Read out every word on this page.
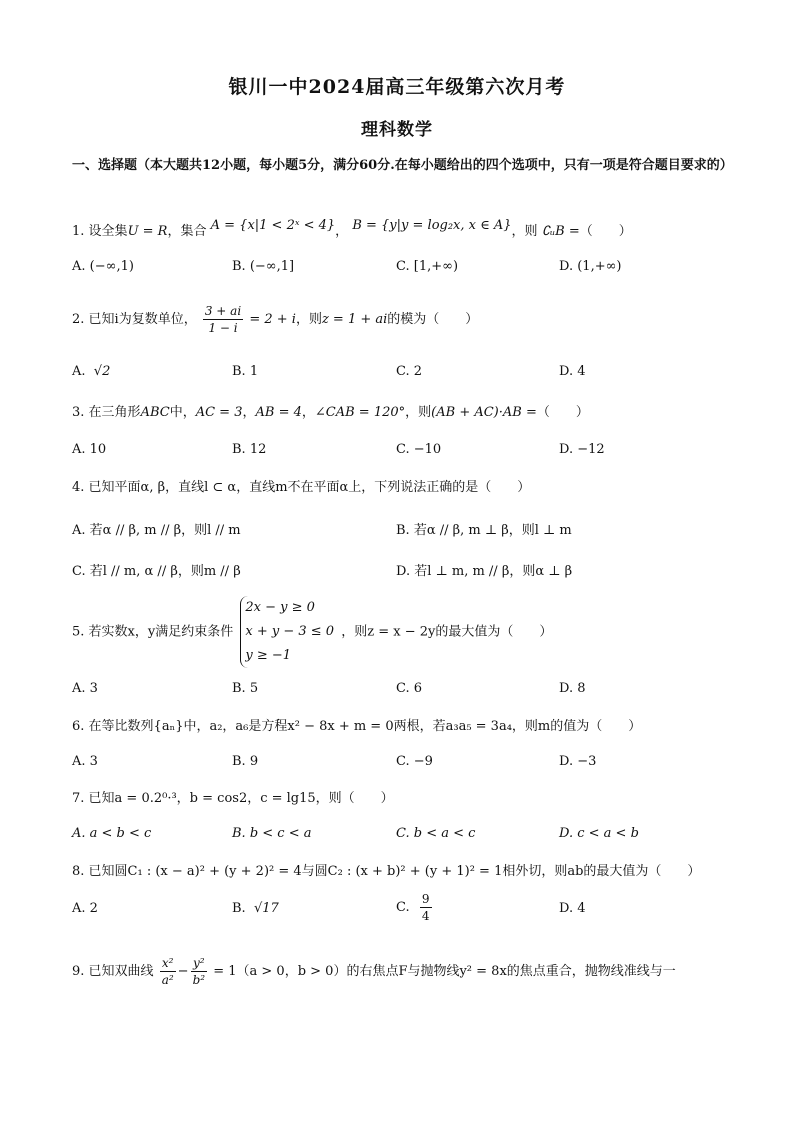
银川一中2024届高三年级第六次月考
理科数学
一、选择题（本大题共12小题，每小题5分，满分60分.在每小题给出的四个选项中，只有一项是符合题目要求的）
1. 设全集U = R，集合 A = {x|1 < 2ˣ < 4}， B = {y|y = log₂x, x ∈ A}，则 ∁ᵤB =（　　）
A. (−∞,1)	B. (−∞,1]	C. [1,+∞)	D. (1,+∞)
2. 已知i为复数单位， $\frac{3 + ai}{1 - i} = 2 + i$，则z = 1 + ai的模为（　　）
A. √2	B. 1	C. 2	D. 4
3. 在三角形ABC中，AC = 3，AB = 4，∠CAB = 120°，则(AB + AC)·AB =（　　）
A. 10	B. 12	C. −10	D. −12
4. 已知平面α, β，直线l ⊂ α，直线m不在平面α上，下列说法正确的是（　　）
A. 若α // β, m // β，则l // m	B. 若α // β, m ⊥ β，则l ⊥ m
C. 若l // m, α // β，则m // β	D. 若l ⊥ m, m // β，则α ⊥ β
5. 若实数x，y满足约束条件
2x − y ≥ 0
x + y − 3 ≤ 0
y ≥ −1
，则z = x − 2y的最大值为（　　）
A. 3	B. 5	C. 6	D. 8
6. 在等比数列{aₙ}中，a₂，a₆是方程x² − 8x + m = 0两根，若a₃a₅ = 3a₄，则m的值为（　　）
A. 3	B. 9	C. −9	D. −3
7. 已知a = 0.2⁰·³，b = cos2，c = lg15，则（　　）
A. a < b < c	B. b < c < a	C. b < a < c	D. c < a < b
8. 已知圆C₁ : (x − a)² + (y + 2)² = 4与圆C₂ : (x + b)² + (y + 1)² = 1相外切，则ab的最大值为（　　）
A. 2	B. √17	C. $\frac{9}{4}$	D. 4
9. 已知双曲线 $\frac{\text{x²}}{\text{a²}} - \frac{\text{y²}}{\text{b²}} = 1(a > 0$，b > 0）的右焦点F与抛物线y² = 8x的焦点重合，抛物线准线与一
